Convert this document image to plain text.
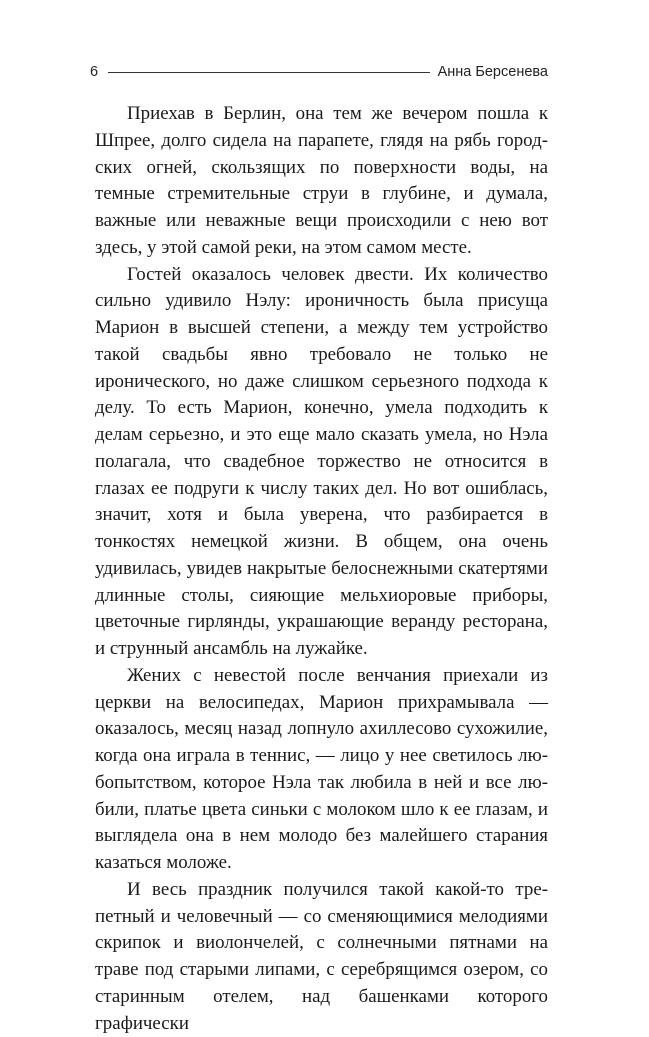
6	Анна Берсенева

Приехав в Берлин, она тем же вечером пошла к Шпрее, долго сидела на парапете, глядя на рябь городских огней, скользящих по поверхности воды, на темные стремительные струи в глубине, и думала, важные или неважные вещи происходили с нею вот здесь, у этой самой реки, на этом самом месте.

Гостей оказалось человек двести. Их количество сильно удивило Нэлу: ироничность была присуща Марион в высшей степени, а между тем устройство такой свадьбы явно требовало не только не иронического, но даже слишком серьезного подхода к делу. То есть Марион, конечно, умела подходить к делам серьезно, и это еще мало сказать умела, но Нэла полагала, что свадебное торжество не относится в глазах ее подруги к числу таких дел. Но вот ошиблась, значит, хотя и была уверена, что разбирается в тонкостях немецкой жизни. В общем, она очень удивилась, увидев накрытые белоснежными скатертями длинные столы, сияющие мельхиоровые приборы, цветочные гирлянды, украшающие веранду ресторана, и струнный ансамбль на лужайке.

Жених с невестой после венчания приехали из церкви на велосипедах, Марион прихрамывала — оказалось, месяц назад лопнуло ахиллесово сухожилие, когда она играла в теннис, — лицо у нее светилось любопытством, которое Нэла так любила в ней и все любили, платье цвета синьки с молоком шло к ее глазам, и выглядела она в нем молодо без малейшего старания казаться моложе.

И весь праздник получился такой какой-то трепетный и человечный — со сменяющимися мелодиями скрипок и виолончелей, с солнечными пятнами на траве под старыми липами, с серебрящимся озером, со старинным отелем, над башенками которого графически
